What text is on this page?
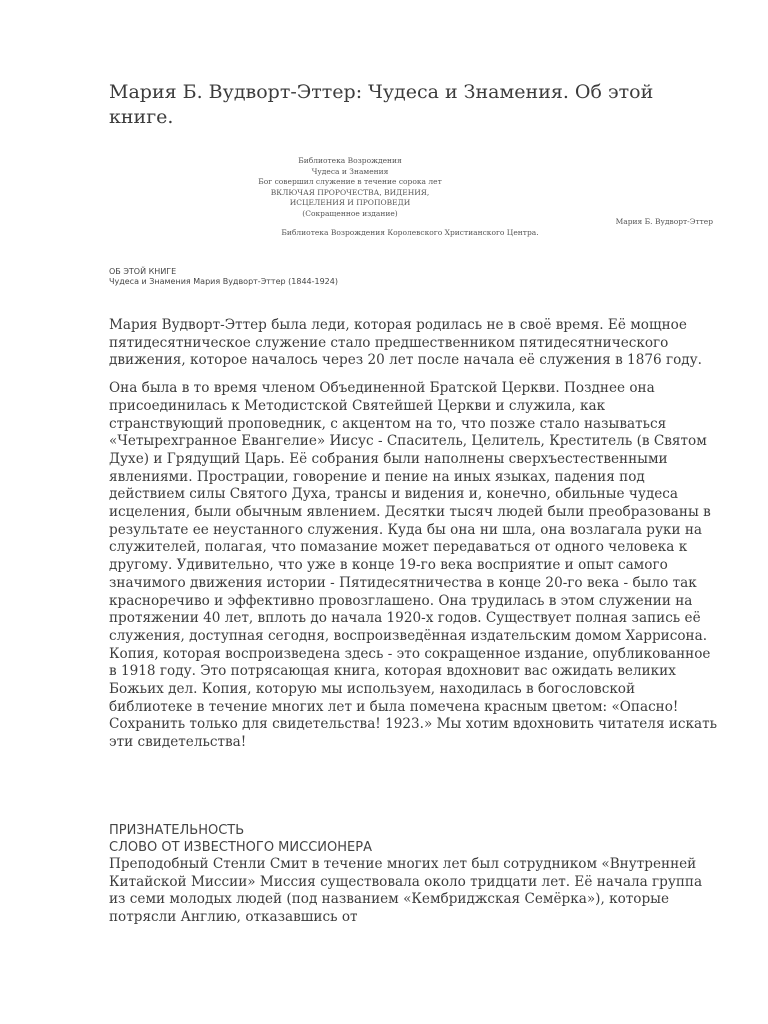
Мария Б. Вудворт-Эттер: Чудеса и Знамения. Об этой книге.
Библиотека Возрождения
Чудеса и Знамения
Бог совершил служение в течение сорока лет
ВКЛЮЧАЯ ПРОРОЧЕСТВА, ВИДЕНИЯ,
ИСЦЕЛЕНИЯ И ПРОПОВЕДИ
(Сокращенное издание)
Мария Б. Вудворт-Эттер
Библиотека Возрождения Королевского Христианского Центра.
ОБ ЭТОЙ КНИГЕ
Чудеса и Знамения Мария Вудворт-Эттер (1844-1924)

Мария Вудворт-Эттер была леди, которая родилась не в своё время. Её мощное пятидесятническое служение стало предшественником пятидесятнического движения, которое началось через 20 лет после начала её служения в 1876 году.

Она была в то время членом Объединенной Братской Церкви. Позднее она присоединилась к Методистской Святейшей Церкви и служила, как странствующий проповедник, с акцентом на то, что позже стало называться «Четырехгранное Евангелие» Иисус - Спаситель, Целитель, Креститель (в Святом Духе) и Грядущий Царь. Её собрания были наполнены сверхъестественными явлениями. Прострации, говорение и пение на иных языках, падения под действием силы Святого Духа, трансы и видения и, конечно, обильные чудеса исцеления, были обычным явлением. Десятки тысяч людей были преобразованы в результате ее неустанного служения. Куда бы она ни шла, она возлагала руки на служителей, полагая, что помазание может передаваться от одного человека к другому. Удивительно, что уже в конце 19-го века восприятие и опыт самого значимого движения истории - Пятидесятничества в конце 20-го века - было так красноречиво и эффективно провозглашено. Она трудилась в этом служении на протяжении 40 лет, вплоть до начала 1920-х годов. Существует полная запись её служения, доступная сегодня, воспроизведённая издательским домом Харрисона. Копия, которая воспроизведена здесь - это сокращенное издание, опубликованное в 1918 году. Это потрясающая книга, которая вдохновит вас ожидать великих Божьих дел. Копия, которую мы используем, находилась в богословской библиотеке в течение многих лет и была помечена красным цветом: «Опасно! Сохранить только для свидетельства! 1923.» Мы хотим вдохновить читателя искать эти свидетельства!

ПРИЗНАТЕЛЬНОСТЬ
СЛОВО ОТ ИЗВЕСТНОГО МИССИОНЕРА

Преподобный Стенли Смит в течение многих лет был сотрудником «Внутренней Китайской Миссии» Миссия существовала около тридцати лет. Её начала группа из семи молодых людей (под названием «Кембриджская Семёрка»), которые потрясли Англию, отказавшись от
